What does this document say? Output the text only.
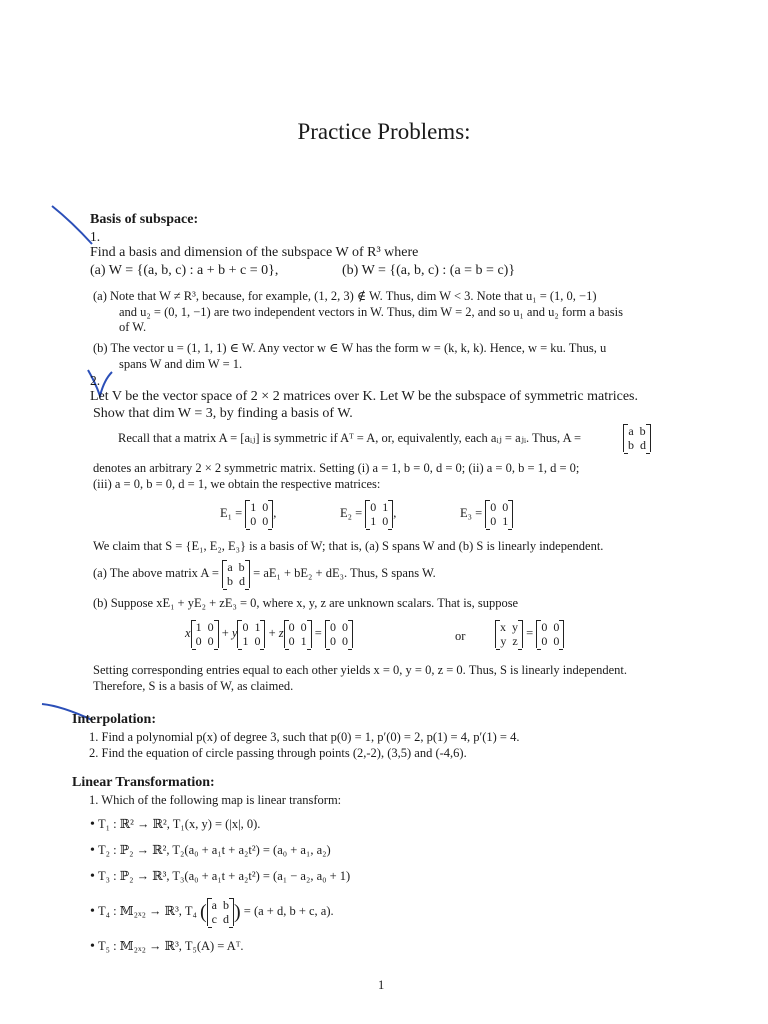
Practice Problems:
Basis of subspace:
1.
Find a basis and dimension of the subspace W of R³ where
(a) W = {(a, b, c) : a + b + c = 0},	(b) W = {(a, b, c) : (a = b = c)}
(a) Note that W ≠ R³, because, for example, (1, 2, 3) ∉ W. Thus, dim W < 3. Note that u₁ = (1, 0, −1)
and u₂ = (0, 1, −1) are two independent vectors in W. Thus, dim W = 2, and so u₁ and u₂ form a basis
of W.
(b) The vector u = (1, 1, 1) ∈ W. Any vector w ∈ W has the form w = (k, k, k). Hence, w = ku. Thus, u
spans W and dim W = 1.
2.
Let V be the vector space of 2 × 2 matrices over K. Let W be the subspace of symmetric matrices.
Show that dim W = 3, by finding a basis of W.
Recall that a matrix A = [aᵢⱼ] is symmetric if Aᵀ = A, or, equivalently, each aᵢⱼ = aⱼᵢ. Thus, A =	a  b
b  d
denotes an arbitrary 2 × 2 symmetric matrix. Setting (i) a = 1, b = 0, d = 0; (ii) a = 0, b = 1, d = 0;
(iii) a = 0, b = 0, d = 1, we obtain the respective matrices:
E₁ = 1  0
0  0
,	E₂ = 0  1
1  0
,	E₃ = 0  0
0  1
We claim that S = {E₁, E₂, E₃} is a basis of W; that is, (a) S spans W and (b) S is linearly independent.
(a) The above matrix A = a  b
b  d
= aE₁ + bE₂ + dE₃. Thus, S spans W.
(b) Suppose xE₁ + yE₂ + zE₃ = 0, where x, y, z are unknown scalars. That is, suppose
x 1  0
0  0
+ y 0  1
1  0
+ z 0  0
0  1
= 0  0
0  0	or
x  y
y  z
= 0  0
0  0
Setting corresponding entries equal to each other yields x = 0, y = 0, z = 0. Thus, S is linearly independent.
Therefore, S is a basis of W, as claimed.
Interpolation:
1. Find a polynomial p(x) of degree 3, such that p(0) = 1, p′(0) = 2, p(1) = 4, p′(1) = 4.
2. Find the equation of circle passing through points (2,-2), (3,5) and (-4,6).
Linear Transformation:
1. Which of the following map is linear transform:
• T₁ : ℝ² → ℝ², T₁(x, y) = (|x|, 0).
• T₂ : ℙ₂ → ℝ², T₂(a₀ + a₁t + a₂t²) = (a₀ + a₁, a₂)
• T₃ : ℙ₂ → ℝ³, T₃(a₀ + a₁t + a₂t²) = (a₁ − a₂, a₀ + 1)
• T₄ : 𝕄₂ₓ₂ → ℝ³, T₄ ( a  b
c  d ) = (a + d, b + c, a).
• T₅ : 𝕄₂ₓ₂ → ℝ³, T₅(A) = Aᵀ.
1
